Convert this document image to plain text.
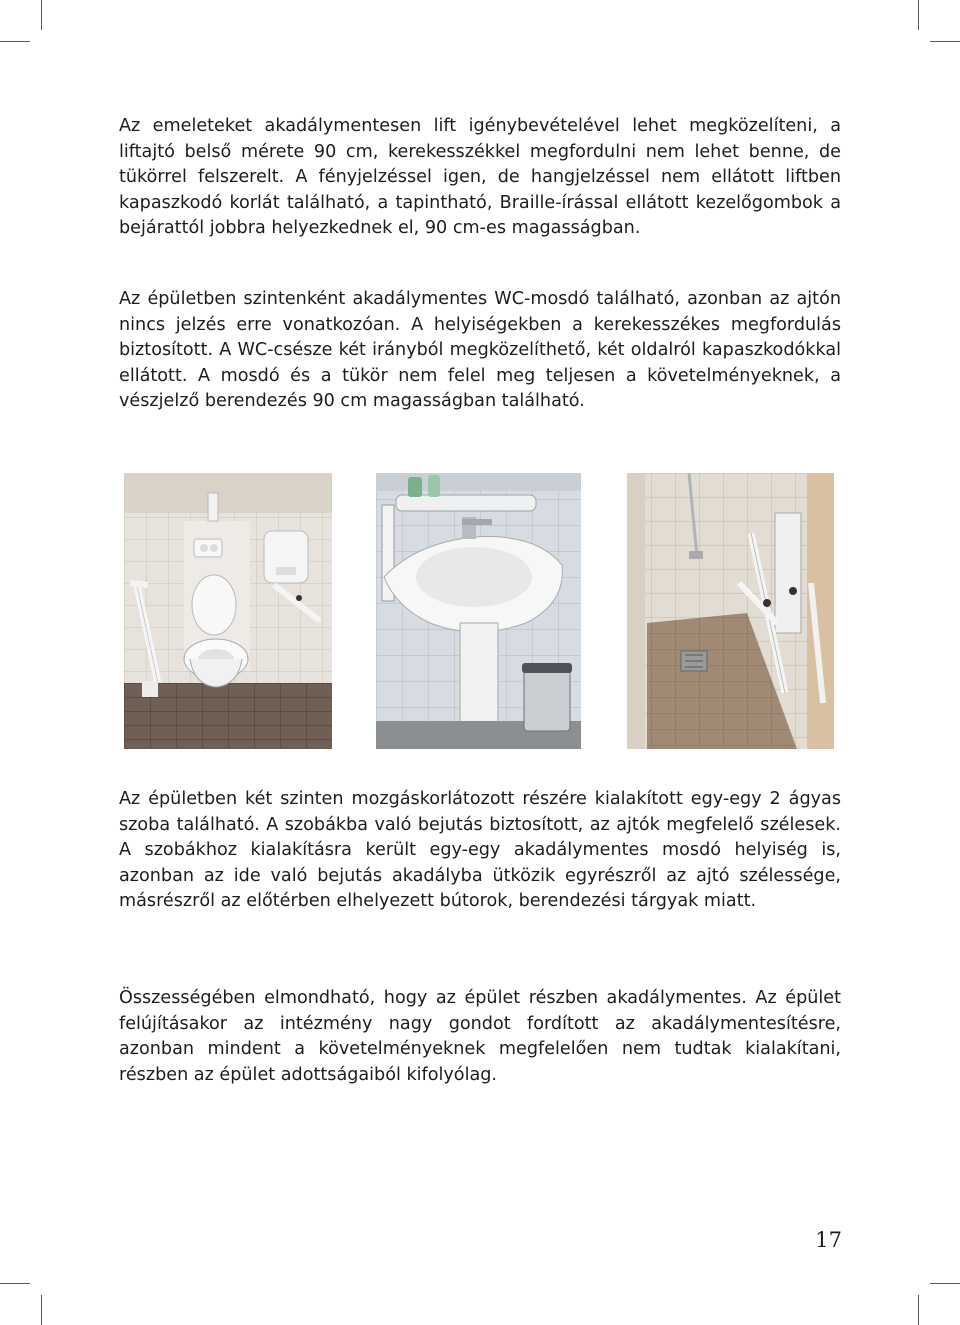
Az emeleteket akadálymentesen lift igénybevételével lehet megközelíteni, a liftajtó belső mérete 90 cm, kerekesszékkel megfordulni nem lehet benne, de tükörrel felszerelt. A fényjelzéssel igen, de hangjelzéssel nem ellátott liftben kapaszkodó korlát található, a tapintható, Braille-írással ellátott kezelőgombok a bejárattól jobbra helyezkednek el, 90 cm-es magasságban.

Az épületben szintenként akadálymentes WC-mosdó található, azonban az ajtón nincs jelzés erre vonatkozóan. A helyiségekben a kerekesszékes megfordulás biztosított. A WC-csésze két irányból megközelíthető, két oldalról kapaszkodókkal ellátott. A mosdó és a tükör nem felel meg teljesen a követelményeknek, a vészjelző berendezés 90 cm magasságban található.

Az épületben két szinten mozgáskorlátozott részére kialakított egy-egy 2 ágyas szoba található. A szobákba való bejutás biztosított, az ajtók megfelelő szélesek. A szobákhoz kialakításra került egy-egy akadálymentes mosdó helyiség is, azonban az ide való bejutás akadályba ütközik egyrészről az ajtó szélessége, másrészről az előtérben elhelyezett bútorok, berendezési tárgyak miatt.

Összességében elmondható, hogy az épület részben akadálymentes. Az épület felújításakor az intézmény nagy gondot fordított az akadálymentesítésre, azonban mindent a követelményeknek megfelelően nem tudtak kialakítani, részben az épület adottságaiból kifolyólag.

17
